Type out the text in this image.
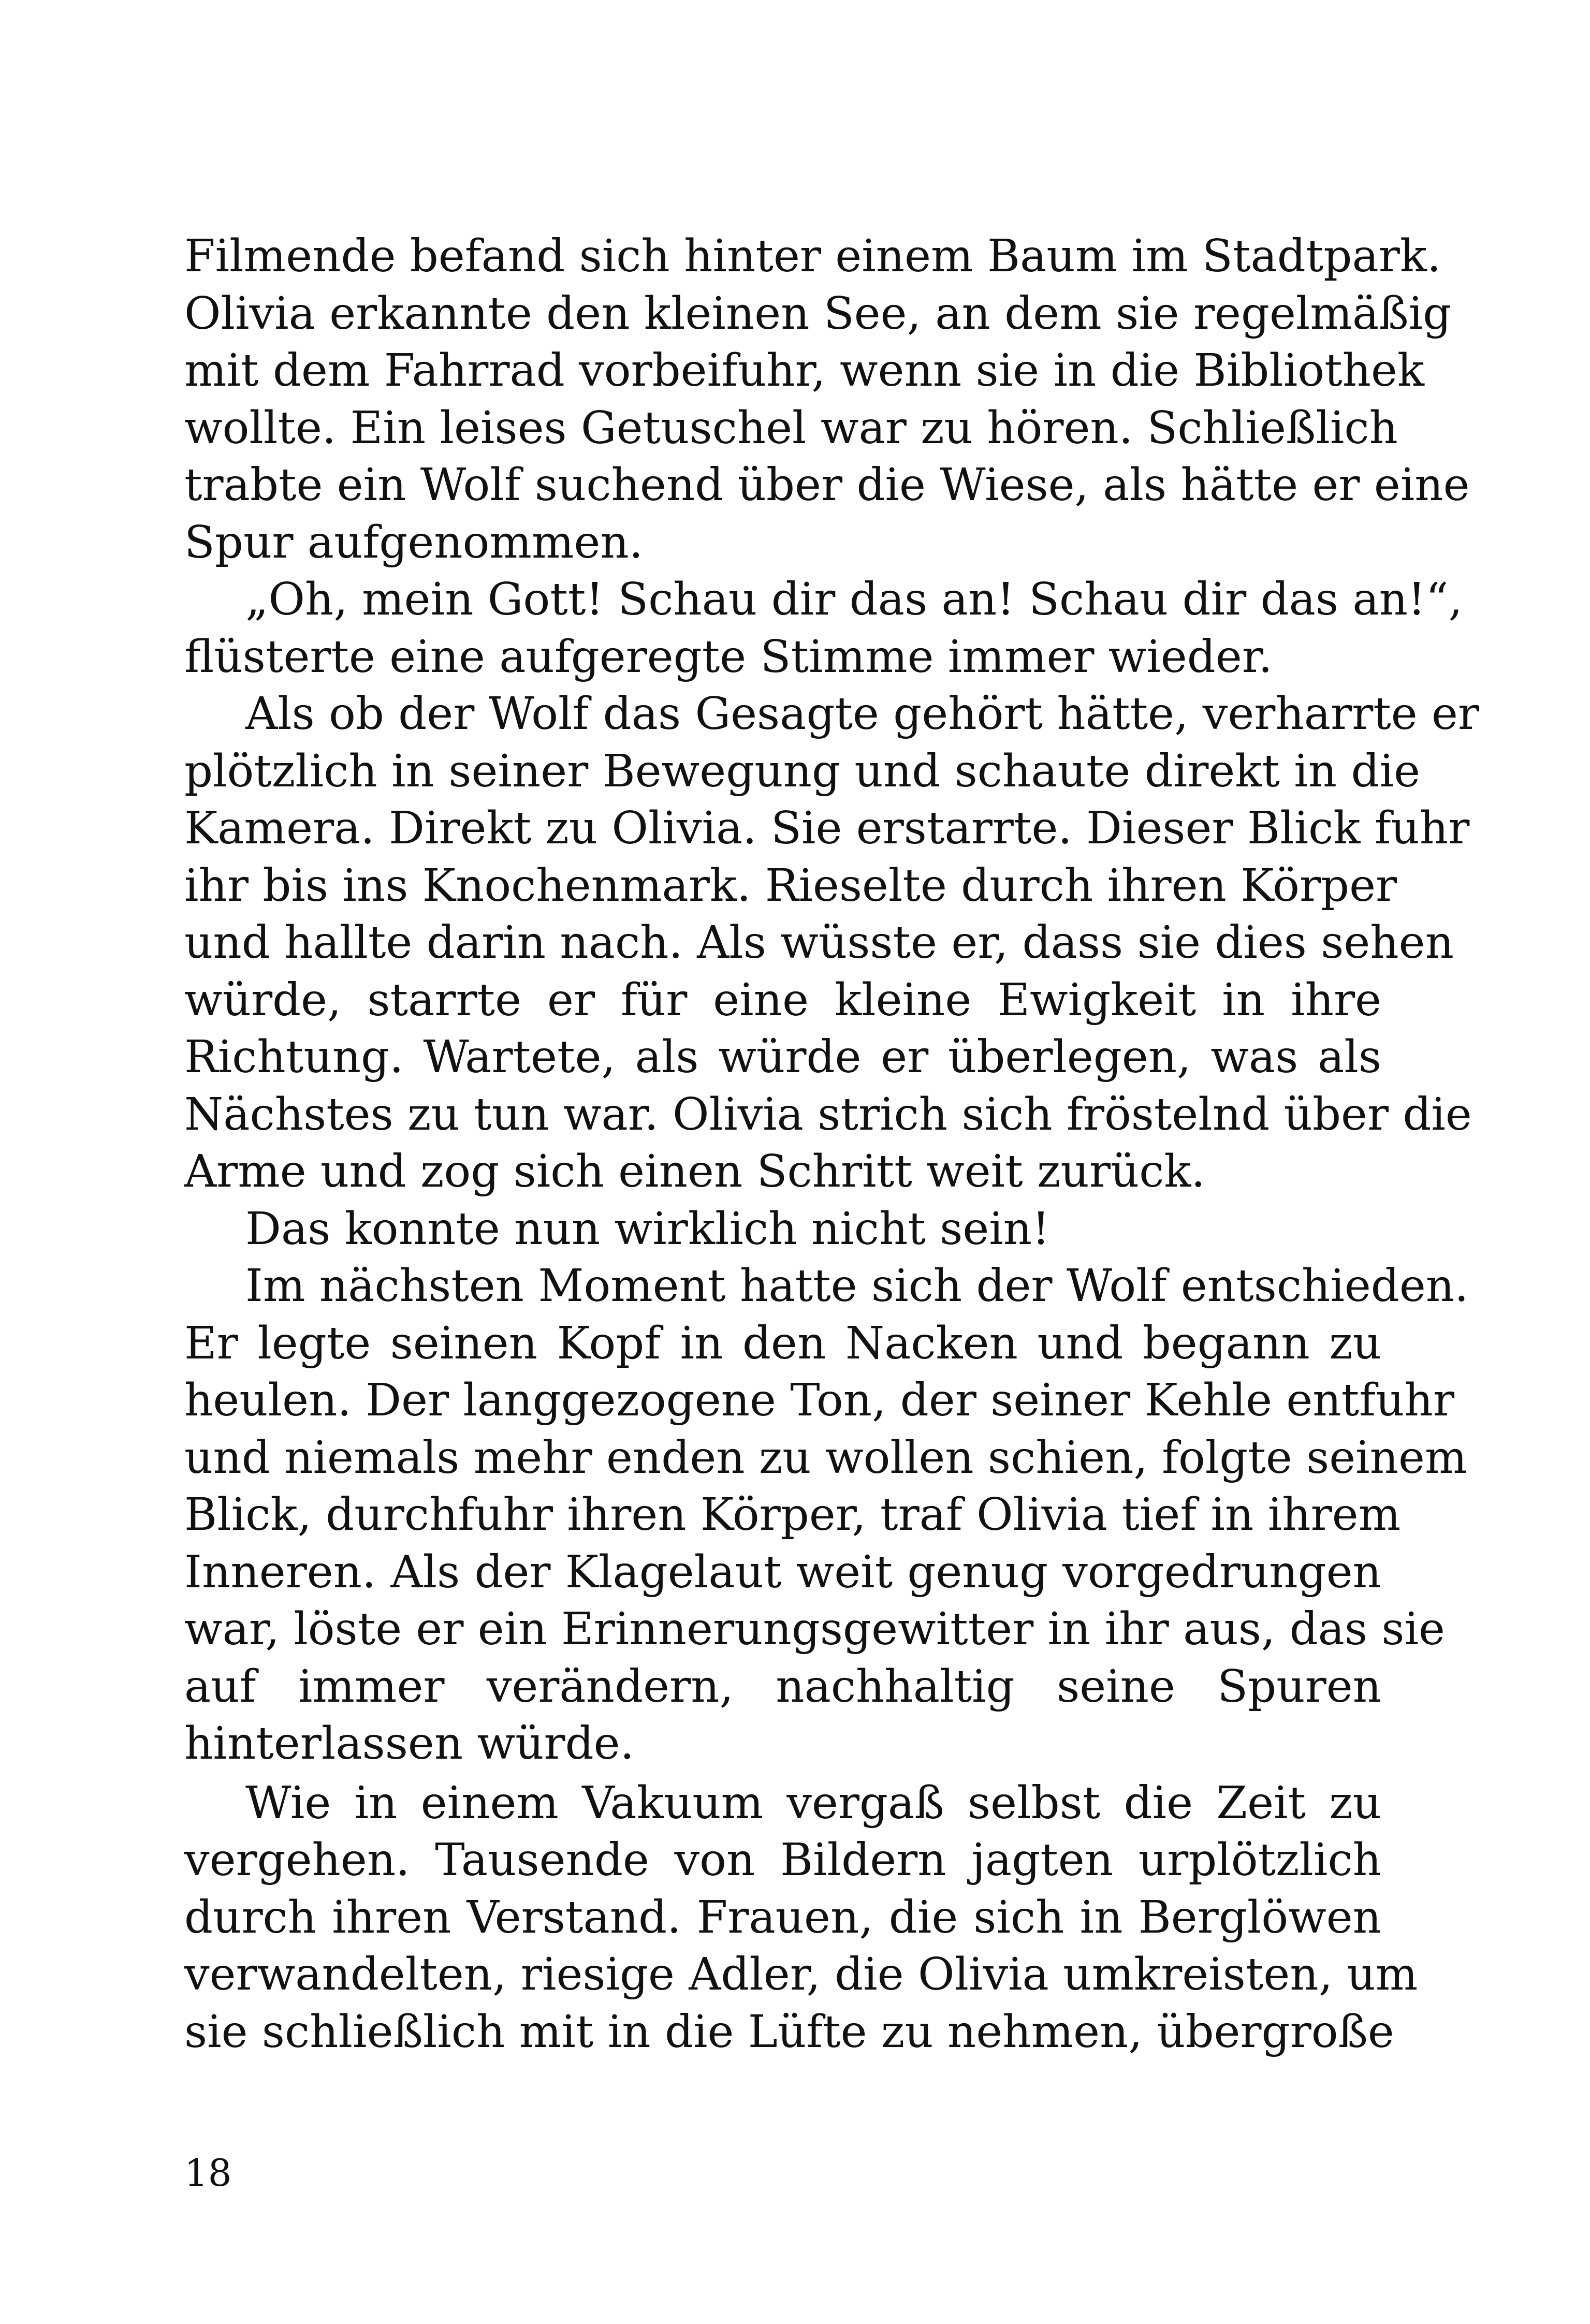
Filmende befand sich hinter einem Baum im Stadtpark.
Olivia erkannte den kleinen See, an dem sie regelmäßig
mit dem Fahrrad vorbeifuhr, wenn sie in die Bibliothek
wollte. Ein leises Getuschel war zu hören. Schließlich
trabte ein Wolf suchend über die Wiese, als hätte er eine
Spur aufgenommen.
„Oh, mein Gott! Schau dir das an! Schau dir das an!“,
flüsterte eine aufgeregte Stimme immer wieder.
Als ob der Wolf das Gesagte gehört hätte, verharrte er
plötzlich in seiner Bewegung und schaute direkt in die
Kamera. Direkt zu Olivia. Sie erstarrte. Dieser Blick fuhr
ihr bis ins Knochenmark. Rieselte durch ihren Körper
und hallte darin nach. Als wüsste er, dass sie dies sehen
würde, starrte er für eine kleine Ewigkeit in ihre
Richtung. Wartete, als würde er überlegen, was als
Nächstes zu tun war. Olivia strich sich fröstelnd über die
Arme und zog sich einen Schritt weit zurück.
Das konnte nun wirklich nicht sein!
Im nächsten Moment hatte sich der Wolf entschieden.
Er legte seinen Kopf in den Nacken und begann zu
heulen. Der langgezogene Ton, der seiner Kehle entfuhr
und niemals mehr enden zu wollen schien, folgte seinem
Blick, durchfuhr ihren Körper, traf Olivia tief in ihrem
Inneren. Als der Klagelaut weit genug vorgedrungen
war, löste er ein Erinnerungsgewitter in ihr aus, das sie
auf immer verändern, nachhaltig seine Spuren
hinterlassen würde.
Wie in einem Vakuum vergaß selbst die Zeit zu
vergehen. Tausende von Bildern jagten urplötzlich
durch ihren Verstand. Frauen, die sich in Berglöwen
verwandelten, riesige Adler, die Olivia umkreisten, um
sie schließlich mit in die Lüfte zu nehmen, übergroße
18
